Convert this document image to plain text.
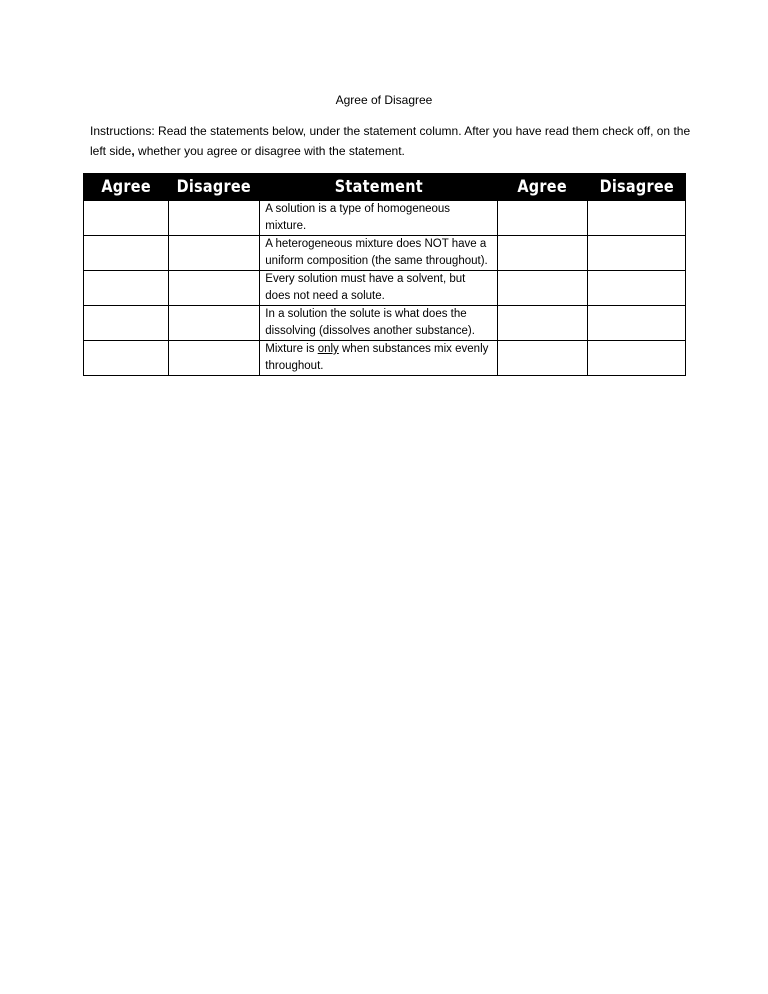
Agree of Disagree
Instructions: Read the statements below, under the statement column. After you have read them check off, on the left side, whether you agree or disagree with the statement.
Agree	Disagree	Statement	Agree	Disagree
		A solution is a type of homogeneous mixture.		
		A heterogeneous mixture does NOT have a uniform composition (the same throughout).		
		Every solution must have a solvent, but does not need a solute.		
		In a solution the solute is what does the dissolving (dissolves another substance).		
		Mixture is only when substances mix evenly throughout.		
